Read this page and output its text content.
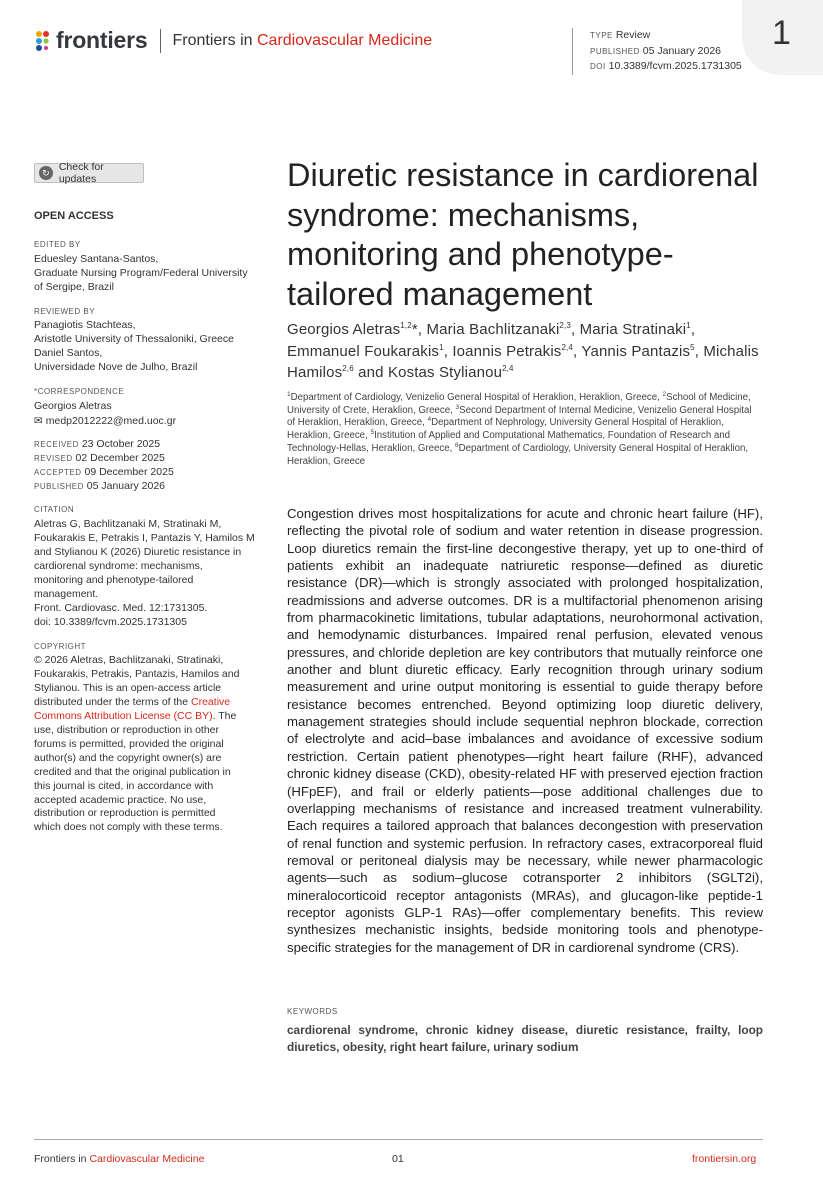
1
frontiers Frontiers in Cardiovascular Medicine	TYPE Review
PUBLISHED 05 January 2026
DOI 10.3389/fcvm.2025.1731305
↻ Check for updates
OPEN ACCESS
EDITED BY
Eduesley Santana-Santos,
Graduate Nursing Program/Federal University
of Sergipe, Brazil
REVIEWED BY
Panagiotis Stachteas,
Aristotle University of Thessaloniki, Greece
Daniel Santos,
Universidade Nove de Julho, Brazil
*CORRESPONDENCE
Georgios Aletras
✉ medp2012222@med.uoc.gr
RECEIVED 23 October 2025
REVISED 02 December 2025
ACCEPTED 09 December 2025
PUBLISHED 05 January 2026
CITATION
Aletras G, Bachlitzanaki M, Stratinaki M,
Foukarakis E, Petrakis I, Pantazis Y, Hamilos M
and Stylianou K (2026) Diuretic resistance in
cardiorenal syndrome: mechanisms,
monitoring and phenotype-tailored
management.
Front. Cardiovasc. Med. 12:1731305.
doi: 10.3389/fcvm.2025.1731305
COPYRIGHT
© 2026 Aletras, Bachlitzanaki, Stratinaki,
Foukarakis, Petrakis, Pantazis, Hamilos and
Stylianou. This is an open-access article
distributed under the terms of the Creative
Commons Attribution License (CC BY). The
use, distribution or reproduction in other
forums is permitted, provided the original
author(s) and the copyright owner(s) are
credited and that the original publication in
this journal is cited, in accordance with
accepted academic practice. No use,
distribution or reproduction is permitted
which does not comply with these terms.
Diuretic resistance in cardiorenal syndrome: mechanisms, monitoring and phenotype-tailored management
Georgios Aletras$^{1,2}$*, Maria Bachlitzanaki$^{2,3}$, Maria Stratinaki$^1$, Emmanuel Foukarakis$^1$, Ioannis Petrakis$^{2,4}$, Yannis Pantazis$^5$, Michalis Hamilos$^{2,6}$ and Kostas Stylianou$^{2,4}$
$^1$Department of Cardiology, Venizelio General Hospital of Heraklion, Heraklion, Greece, $^2$School of Medicine, University of Crete, Heraklion, Greece, $^3$Second Department of Internal Medicine, Venizelio General Hospital of Heraklion, Heraklion, Greece, $^4$Department of Nephrology, University General Hospital of Heraklion, Heraklion, Greece, $^5$Institution of Applied and Computational Mathematics, Foundation of Research and Technology-Hellas, Heraklion, Greece, $^6$Department of Cardiology, University General Hospital of Heraklion, Heraklion, Greece
Congestion drives most hospitalizations for acute and chronic heart failure (HF), reflecting the pivotal role of sodium and water retention in disease progression. Loop diuretics remain the first-line decongestive therapy, yet up to one-third of patients exhibit an inadequate natriuretic response—defined as diuretic resistance (DR)—which is strongly associated with prolonged hospitalization, readmissions and adverse outcomes. DR is a multifactorial phenomenon arising from pharmacokinetic limitations, tubular adaptations, neurohormonal activation, and hemodynamic disturbances. Impaired renal perfusion, elevated venous pressures, and chloride depletion are key contributors that mutually reinforce one another and blunt diuretic efficacy. Early recognition through urinary sodium measurement and urine output monitoring is essential to guide therapy before resistance becomes entrenched. Beyond optimizing loop diuretic delivery, management strategies should include sequential nephron blockade, correction of electrolyte and acid–base imbalances and avoidance of excessive sodium restriction. Certain patient phenotypes—right heart failure (RHF), advanced chronic kidney disease (CKD), obesity-related HF with preserved ejection fraction (HFpEF), and frail or elderly patients—pose additional challenges due to overlapping mechanisms of resistance and increased treatment vulnerability. Each requires a tailored approach that balances decongestion with preservation of renal function and systemic perfusion. In refractory cases, extracorporeal fluid removal or peritoneal dialysis may be necessary, while newer pharmacologic agents—such as sodium–glucose cotransporter 2 inhibitors (SGLT2i), mineralocorticoid receptor antagonists (MRAs), and glucagon-like peptide-1 receptor agonists GLP-1 RAs)—offer complementary benefits. This review synthesizes mechanistic insights, bedside monitoring tools and phenotype-specific strategies for the management of DR in cardiorenal syndrome (CRS).
KEYWORDS
cardiorenal syndrome, chronic kidney disease, diuretic resistance, frailty, loop diuretics, obesity, right heart failure, urinary sodium
Frontiers in Cardiovascular Medicine	01	frontiersin.org
